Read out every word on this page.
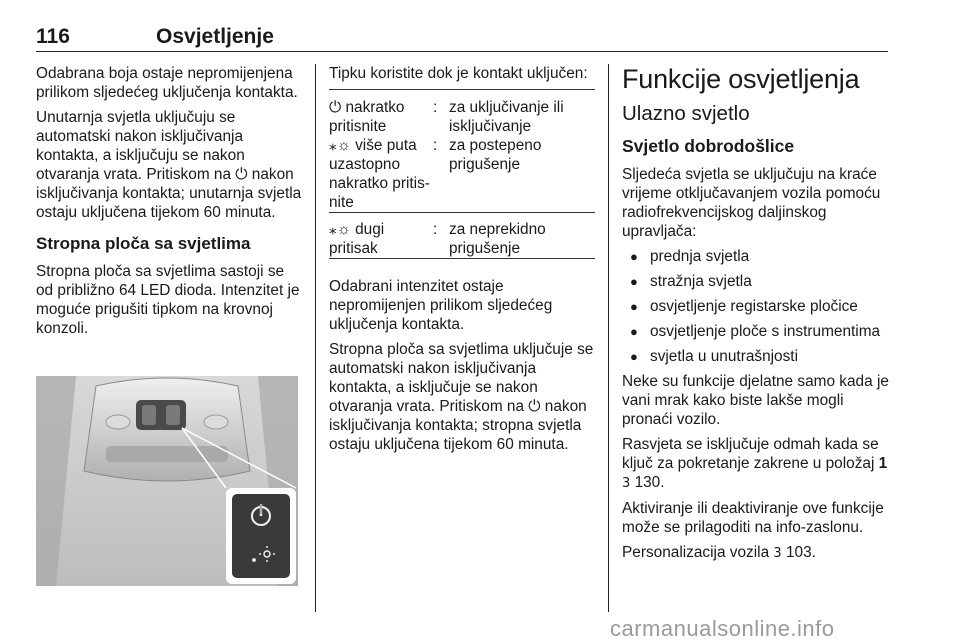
116	Osvjetljenje

Odabrana boja ostaje nepromijenjena prilikom sljedećeg uključenja kontakta.

Unutarnja svjetla uključuju se automatski nakon isključivanja kontakta, a isključuju se nakon otvaranja vrata. Pritiskom na ⏻ nakon isključivanja kontakta; unutarnja svjetla ostaju uključena tijekom 60 minuta.

Stropna ploča sa svjetlima

Stropna ploča sa svjetlima sastoji se od približno 64 LED dioda. Intenzitet je moguće prigušiti tipkom na krovnoj konzoli.

Tipku koristite dok je kontakt uključen:

⏻ nakratko pritisnite	:	za uključivanje ili isključivanje
⁎☼ više puta uzastopno nakratko pritis-nite	:	za postepeno prigušenje

⁎☼ dugi pritisak	:	za neprekidno prigušenje

Odabrani intenzitet ostaje nepromijenjen prilikom sljedećeg uključenja kontakta.

Stropna ploča sa svjetlima uključuje se automatski nakon isključivanja kontakta, a isključuje se nakon otvaranja vrata. Pritiskom na ⏻ nakon isključivanja kontakta; stropna svjetla ostaju uključena tijekom 60 minuta.

Funkcije osvjetljenja
Ulazno svjetlo
Svjetlo dobrodošlice

Sljedeća svjetla se uključuju na kraće vrijeme otključavanjem vozila pomoću radiofrekvencijskog daljinskog upravljača:

● prednja svjetla
● stražnja svjetla
● osvjetljenje registarske pločice
● osvjetljenje ploče s instrumentima
● svjetla u unutrašnjosti

Neke su funkcije djelatne samo kada je vani mrak kako biste lakše mogli pronaći vozilo.

Rasvjeta se isključuje odmah kada se ključ za pokretanje zakrene u položaj 1 3 130.

Aktiviranje ili deaktiviranje ove funkcije može se prilagoditi na info-zaslonu.

Personalizacija vozila 3 103.

carmanualsonline.info
